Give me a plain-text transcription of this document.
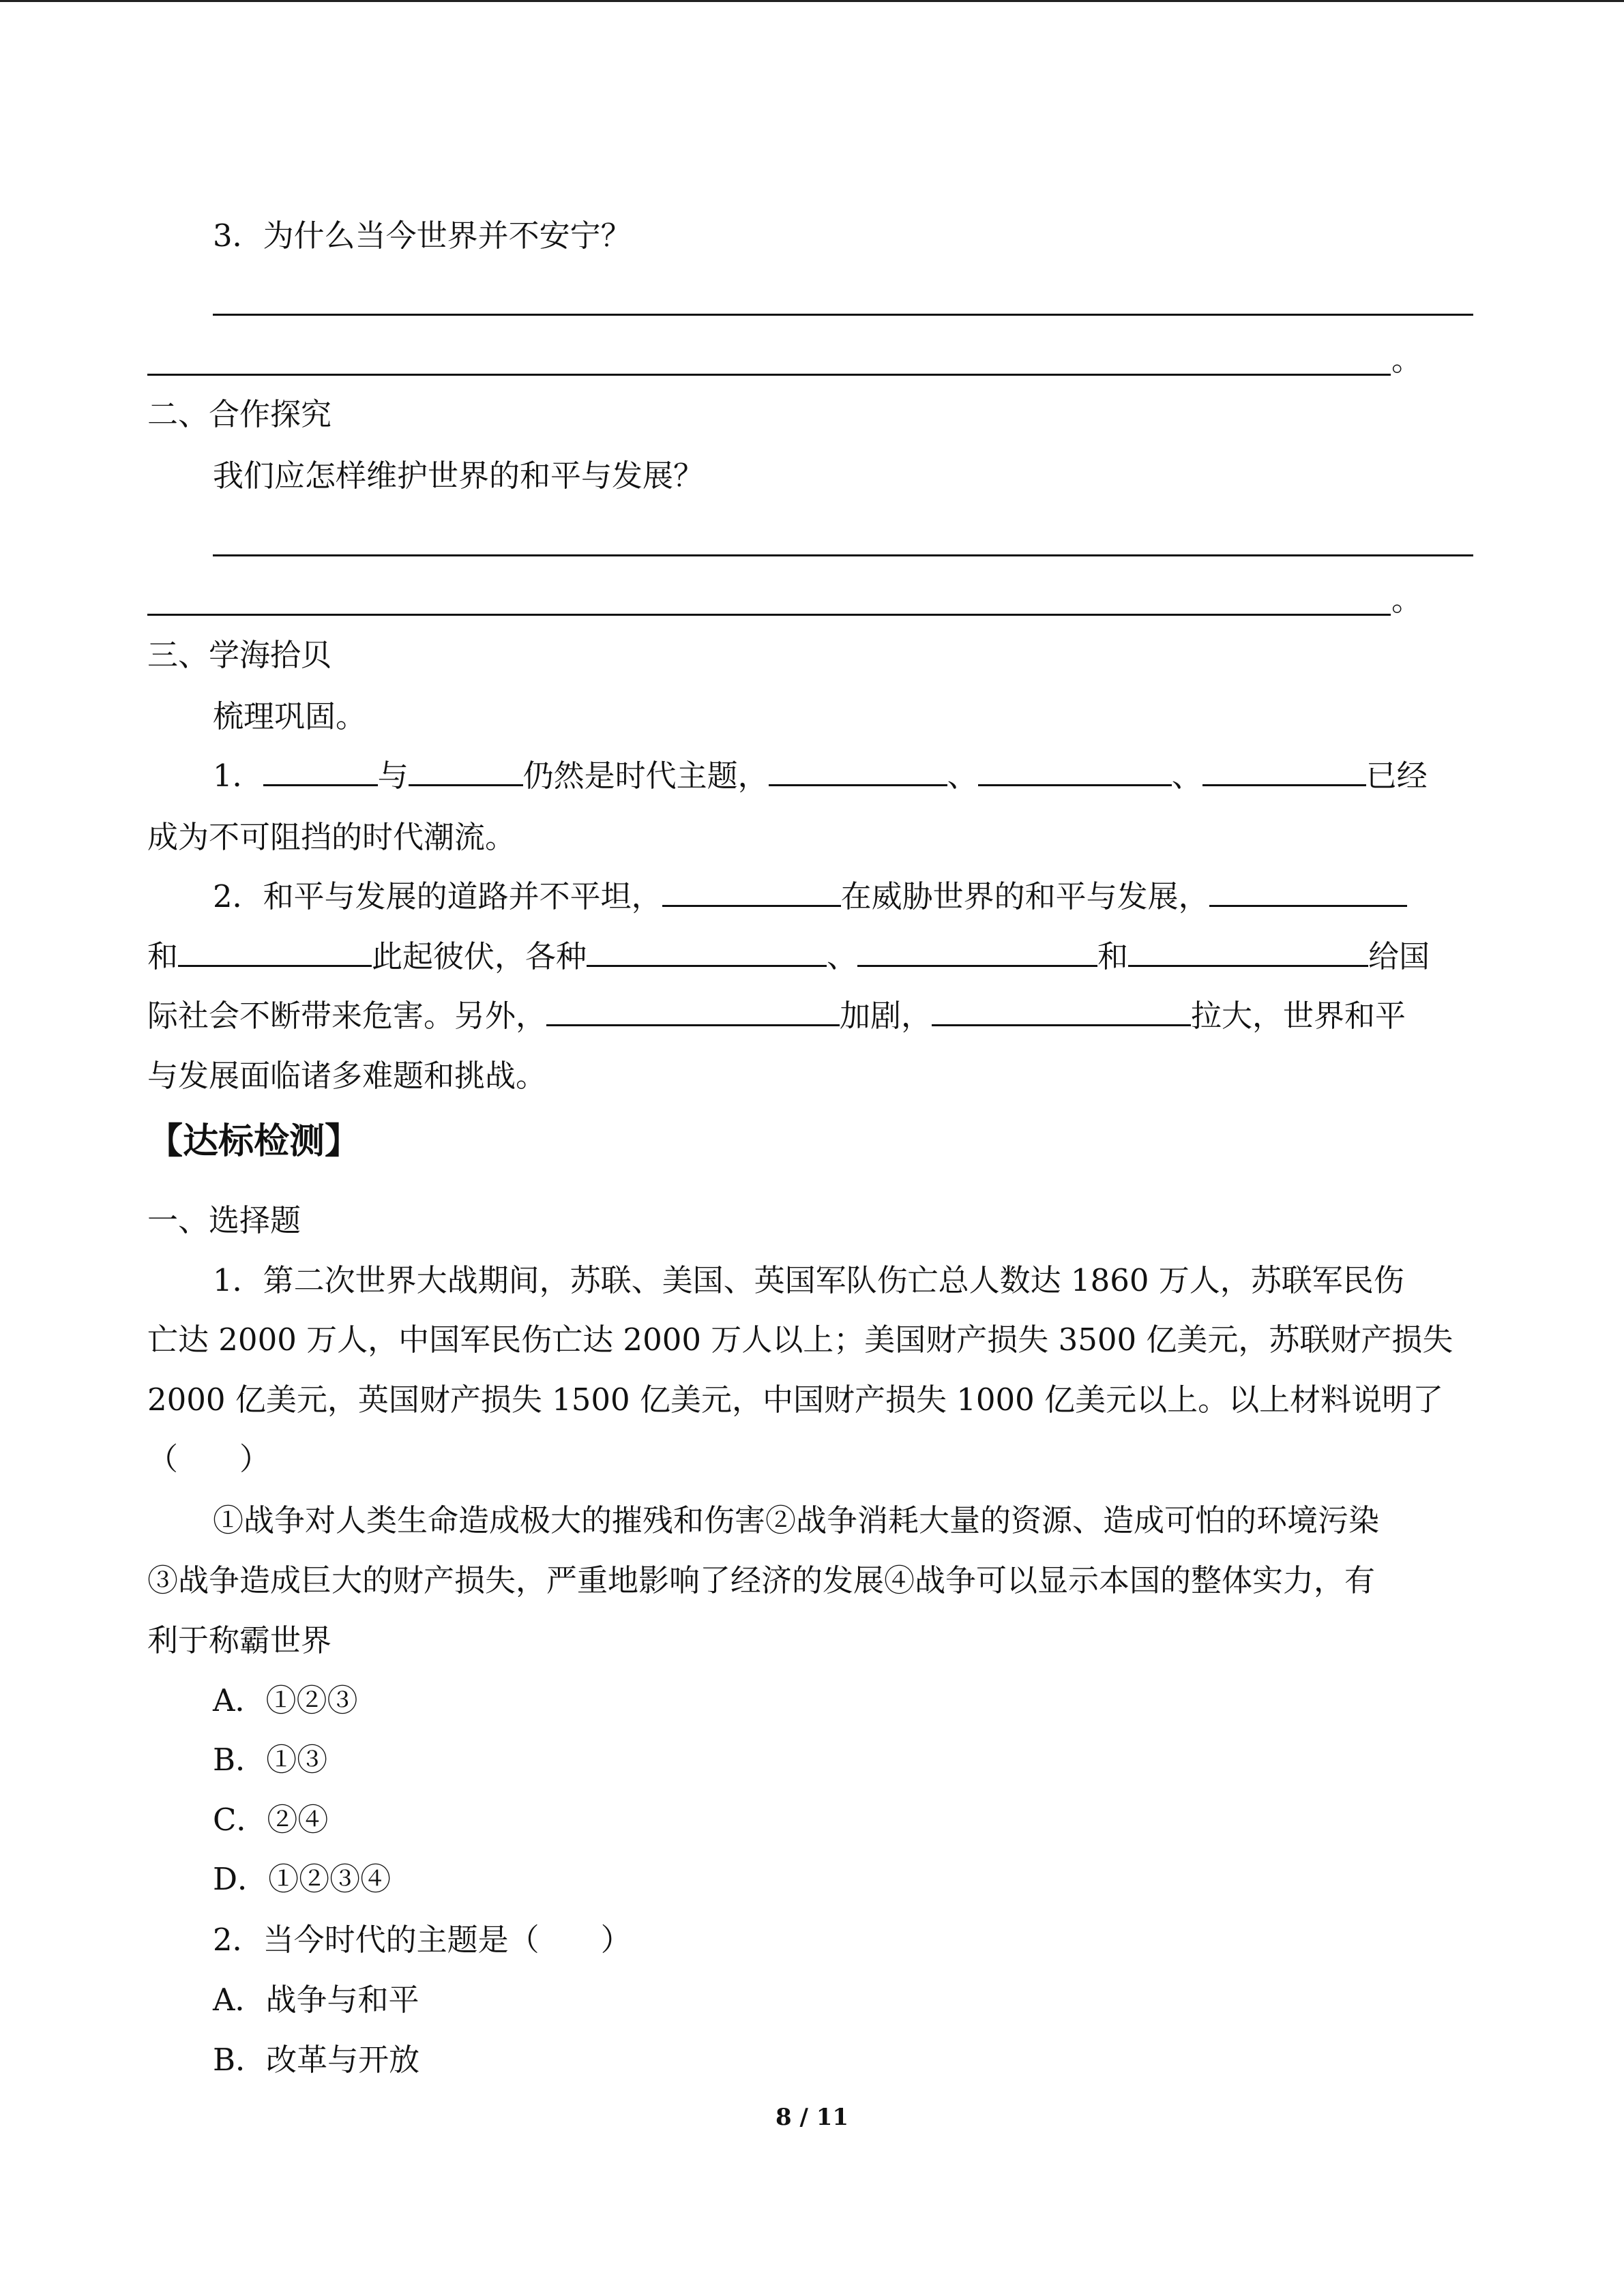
3．为什么当今世界并不安宁？
。
二、合作探究
我们应怎样维护世界的和平与发展？
。
三、学海拾贝
梳理巩固。
1．	与	仍然是时代主题，	、	、	已经
成为不可阻挡的时代潮流。
2．和平与发展的道路并不平坦，	在威胁世界的和平与发展，
和	此起彼伏，各种	、	和	给国
际社会不断带来危害。另外，	加剧，	拉大，世界和平
与发展面临诸多难题和挑战。
【达标检测】
一、选择题
1．第二次世界大战期间，苏联、美国、英国军队伤亡总人数达 1860 万人，苏联军民伤
亡达 2000 万人，中国军民伤亡达 2000 万人以上；美国财产损失 3500 亿美元，苏联财产损失
2000 亿美元，英国财产损失 1500 亿美元，中国财产损失 1000 亿美元以上。以上材料说明了
（　　）
①战争对人类生命造成极大的摧残和伤害②战争消耗大量的资源、造成可怕的环境污染
③战争造成巨大的财产损失，严重地影响了经济的发展④战争可以显示本国的整体实力，有
利于称霸世界
A．①②③
B．①③
C．②④
D．①②③④
2．当今时代的主题是（　　）
A．战争与和平
B．改革与开放
8 / 11
